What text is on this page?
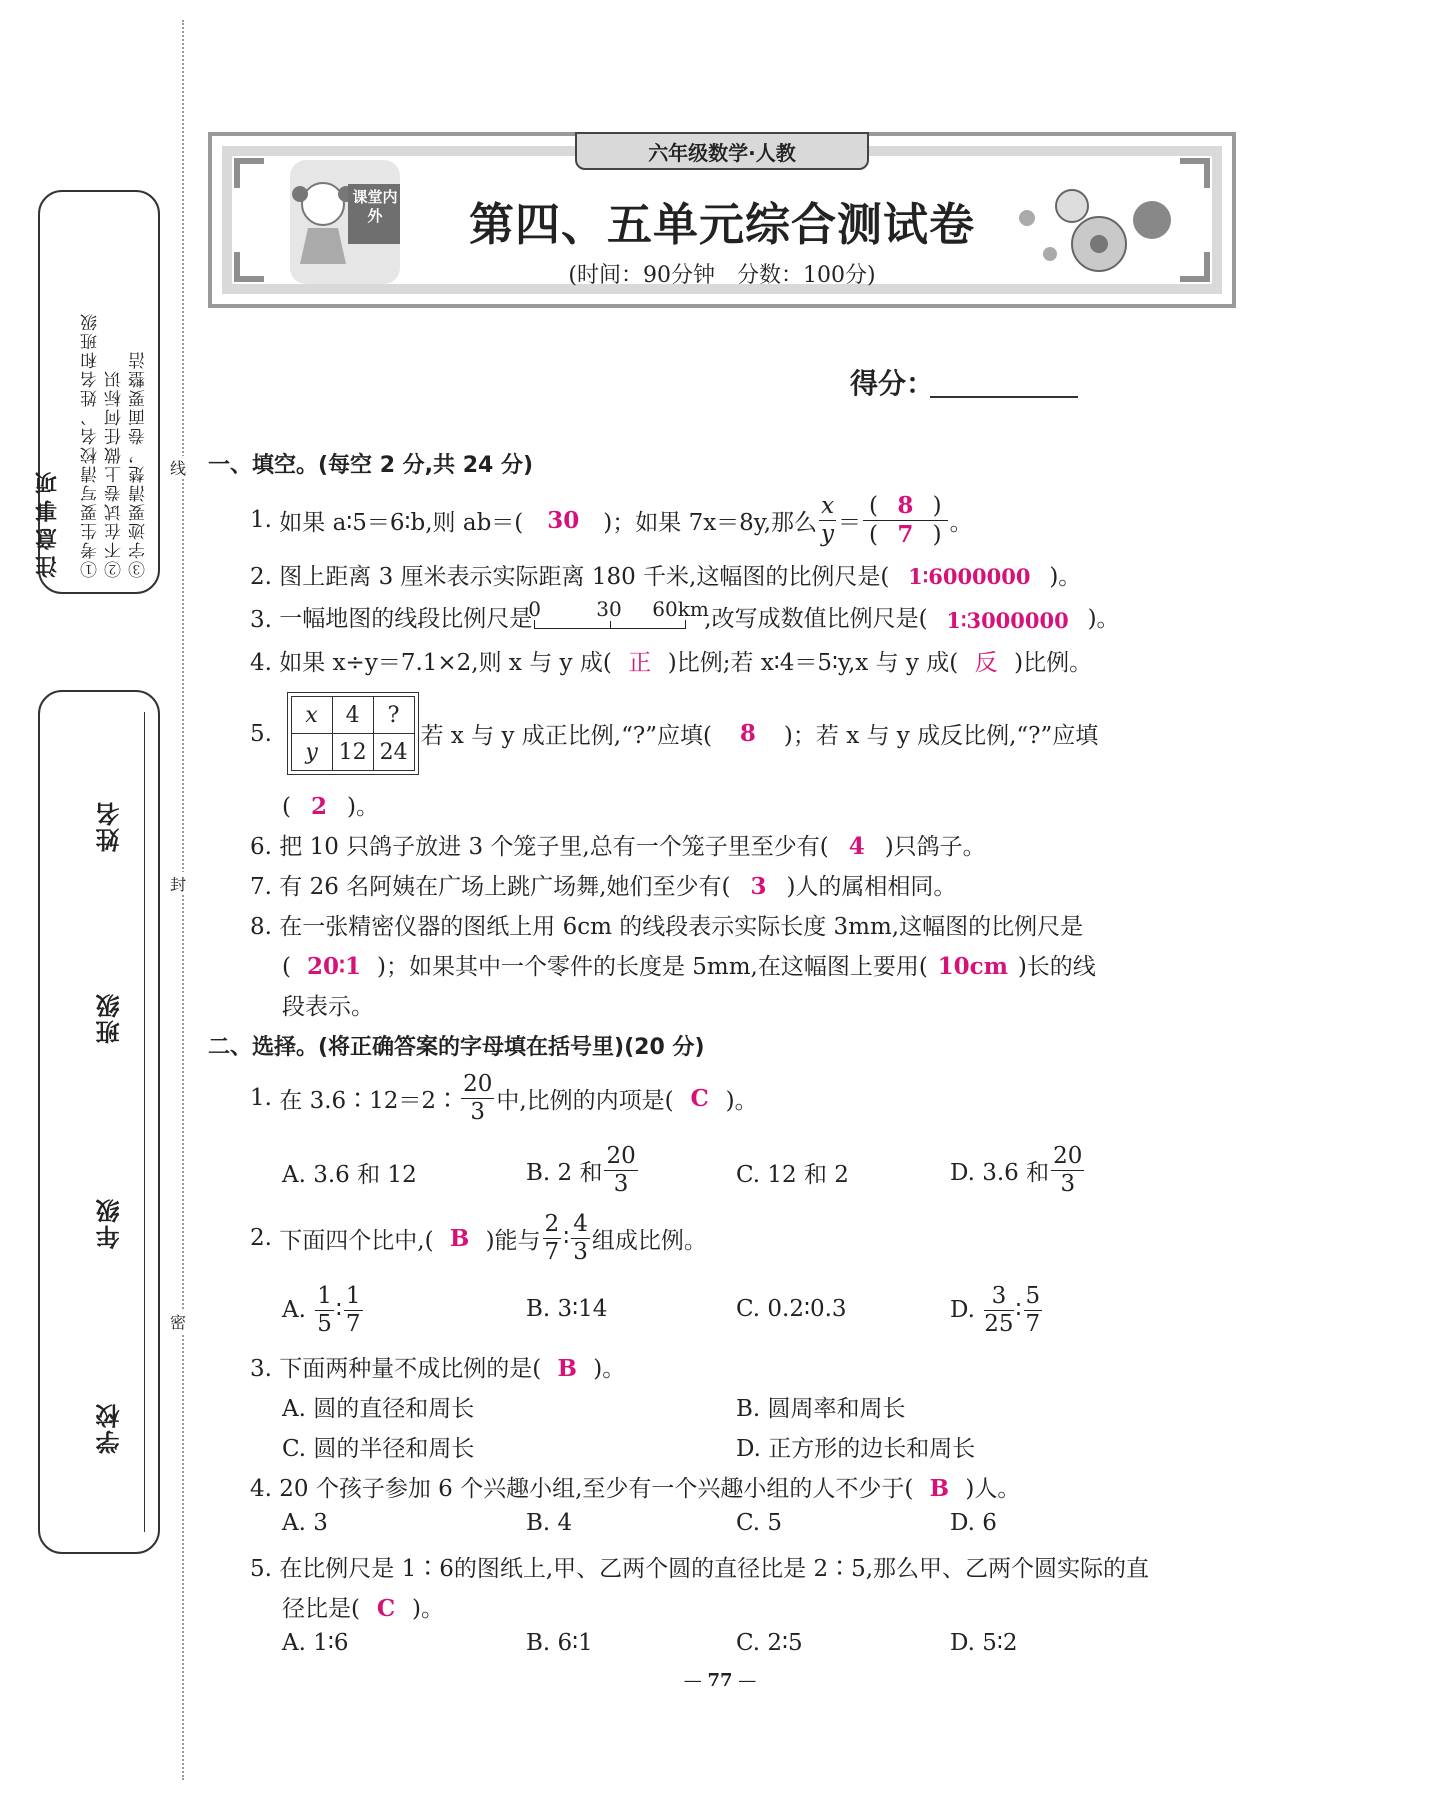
注意事项 ①考生要写清校名、姓名和班级 ②不在试卷上做任何标识 ③字迹要清楚，卷面要整洁
学校
年级
班级
姓名
线
封
密
课堂内外
六年级数学·人教
第四、五单元综合测试卷
(时间：90分钟　分数：100分)
得分：
一、填空。(每空 2 分,共 24 分)
1.
如果 a∶5＝6∶b,则 ab＝(	30	)；如果 7x＝8y,那么 $\frac{x}{y} = \frac{( 8 )}{( 7 )}$ 。
2. 图上距离 3 厘米表示实际距离 180 千米,这幅图的比例尺是( 1∶6000000 )。
3.
一幅地图的线段比例尺是
0	30 60km
,改写成数值比例尺是( 1∶3000000 )。
4. 如果 x÷y＝7.1×2,则 x 与 y 成( 正 )比例;若 x∶4＝5∶y,x 与 y 成( 反 )比例。
5.

x	4	?
y	12	24
若 x 与 y 成正比例,“?”应填(	8	)；若 x 与 y 成反比例,“?”应填
( 2 )。
6. 把 10 只鸽子放进 3 个笼子里,总有一个笼子里至少有( 4 )只鸽子。
7. 有 26 名阿姨在广场上跳广场舞,她们至少有( 3 )人的属相相同。
8. 在一张精密仪器的图纸上用 6cm 的线段表示实际长度 3mm,这幅图的比例尺是
( 20∶1 )；如果其中一个零件的长度是 5mm,在这幅图上要用( 10cm )长的线
段表示。
二、选择。(将正确答案的字母填在括号里)(20 分)
1.
在 3.6∶12＝2∶ $\frac{20}{3}$ 中,比例的内项是( C )。
A. 3.6 和 12	B. 2 和 $\frac{20}{3}$	C. 12 和 2	D. 3.6 和 $\frac{20}{3}$
2.
下面四个比中,( B )能与 $\frac{2}{7}$ ∶ $\frac{4}{3}$ 组成比例。
A.
$\frac{1}{5}$ ∶ $\frac{1}{7}$	B. 3∶14	C. 0.2∶0.3	D.
$\frac{3}{25}$ ∶ $\frac{5}{7}$
3. 下面两种量不成比例的是( B )。
A. 圆的直径和周长	B. 圆周率和周长
C. 圆的半径和周长	D. 正方形的边长和周长
4. 20 个孩子参加 6 个兴趣小组,至少有一个兴趣小组的人不少于( B )人。
A. 3	B. 4	C. 5	D. 6
5. 在比例尺是 1∶6的图纸上,甲、乙两个圆的直径比是 2∶5,那么甲、乙两个圆实际的直
径比是( C )。
A. 1∶6	B. 6∶1	C. 2∶5	D. 5∶2
— 77 —
